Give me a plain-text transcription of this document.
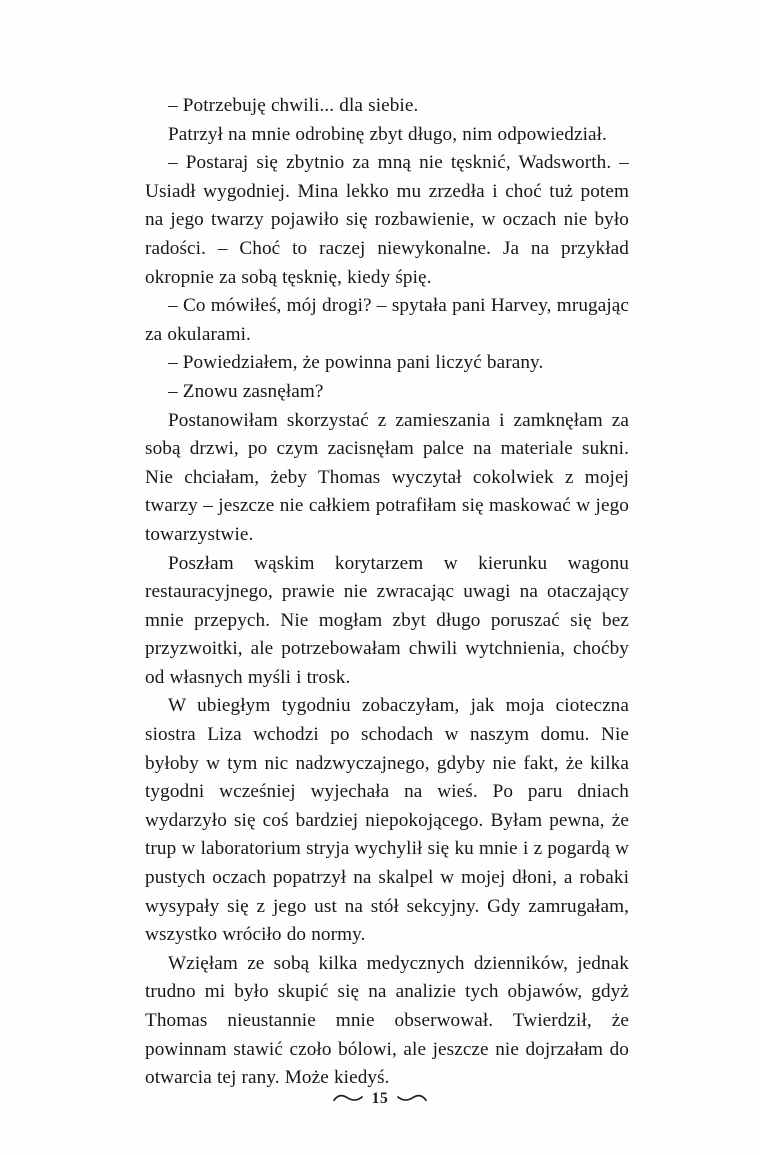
– Potrzebuję chwili... dla siebie.

Patrzył na mnie odrobinę zbyt długo, nim odpowiedział.

– Postaraj się zbytnio za mną nie tęsknić, Wadsworth. – Usiadł wygodniej. Mina lekko mu zrzedła i choć tuż potem na jego twarzy pojawiło się rozbawienie, w oczach nie było radości. – Choć to raczej niewykonalne. Ja na przykład okropnie za sobą tęsknię, kiedy śpię.

– Co mówiłeś, mój drogi? – spytała pani Harvey, mrugając za okularami.

– Powiedziałem, że powinna pani liczyć barany.

– Znowu zasnęłam?

Postanowiłam skorzystać z zamieszania i zamknęłam za sobą drzwi, po czym zacisnęłam palce na materiale sukni. Nie chciałam, żeby Thomas wyczytał cokolwiek z mojej twarzy – jeszcze nie całkiem potrafiłam się maskować w jego towarzystwie.

Poszłam wąskim korytarzem w kierunku wagonu restauracyjnego, prawie nie zwracając uwagi na otaczający mnie przepych. Nie mogłam zbyt długo poruszać się bez przyzwoitki, ale potrzebowałam chwili wytchnienia, choćby od własnych myśli i trosk.

W ubiegłym tygodniu zobaczyłam, jak moja cioteczna siostra Liza wchodzi po schodach w naszym domu. Nie byłoby w tym nic nadzwyczajnego, gdyby nie fakt, że kilka tygodni wcześniej wyjechała na wieś. Po paru dniach wydarzyło się coś bardziej niepokojącego. Byłam pewna, że trup w laboratorium stryja wychylił się ku mnie i z pogardą w pustych oczach popatrzył na skalpel w mojej dłoni, a robaki wysypały się z jego ust na stół sekcyjny. Gdy zamrugałam, wszystko wróciło do normy.

Wzięłam ze sobą kilka medycznych dzienników, jednak trudno mi było skupić się na analizie tych objawów, gdyż Thomas nieustannie mnie obserwował. Twierdził, że powinnam stawić czoło bólowi, ale jeszcze nie dojrzałam do otwarcia tej rany. Może kiedyś.

15
